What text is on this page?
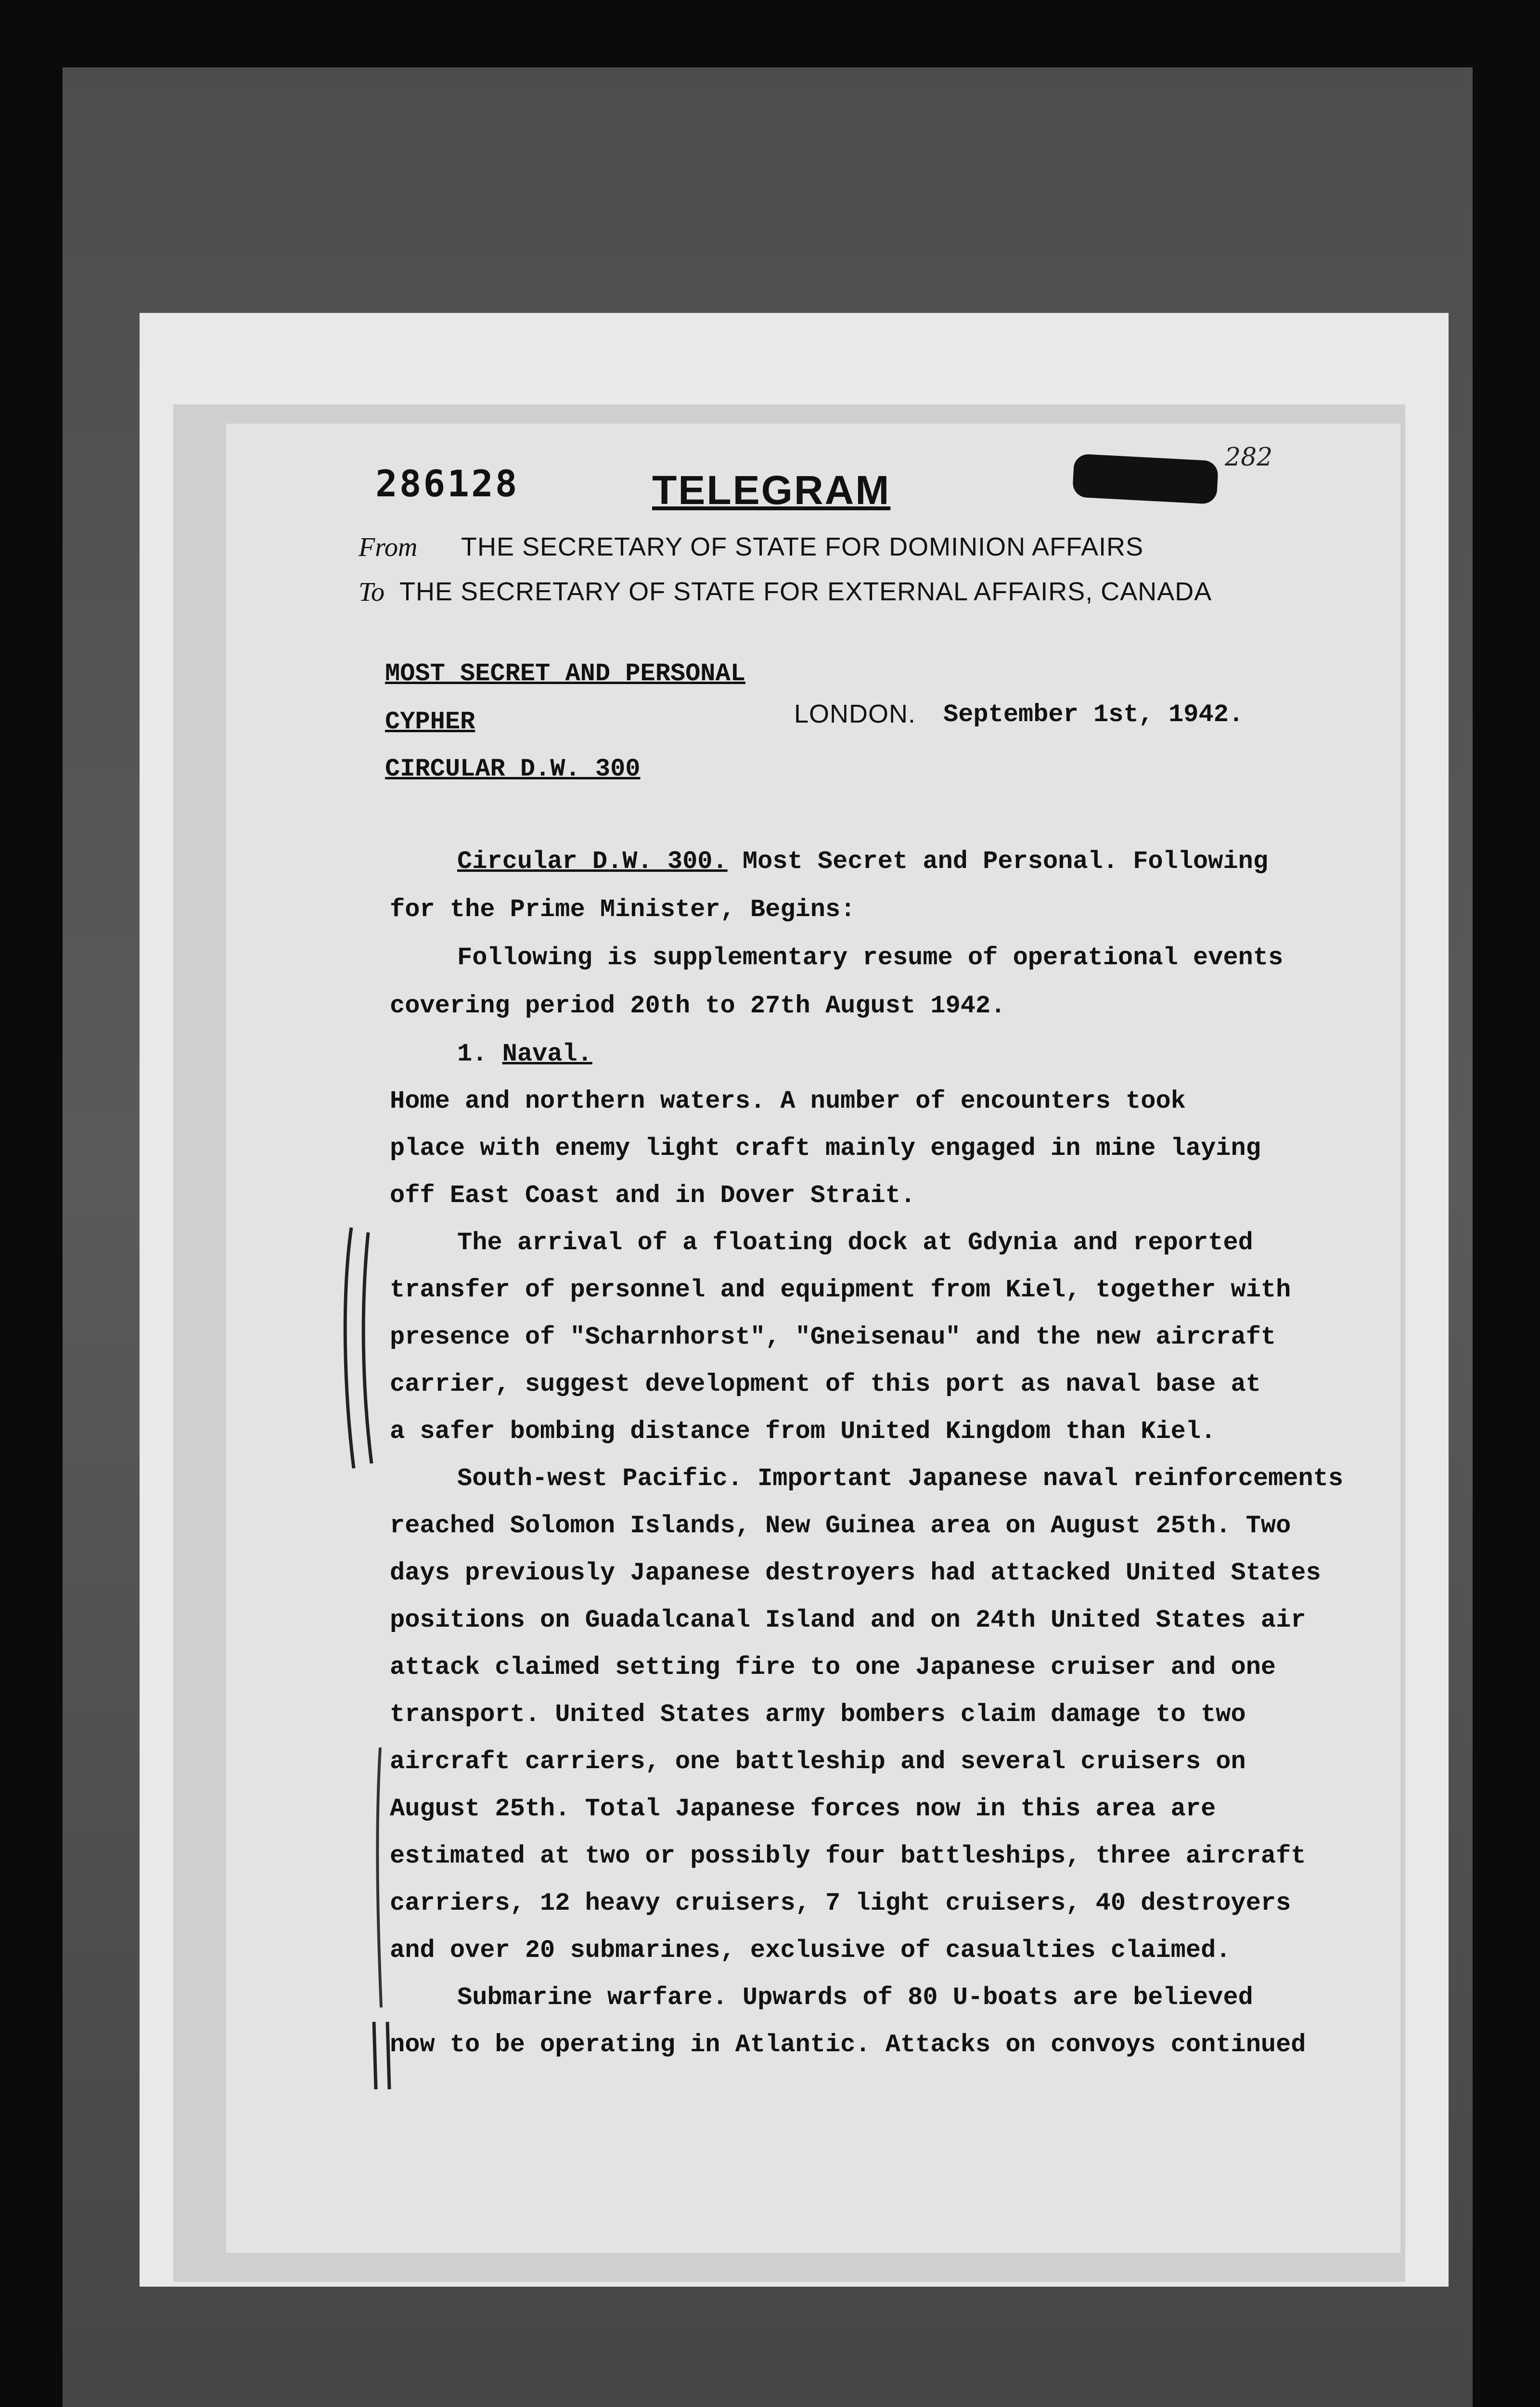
286128	TELEGRAM
282
From THE SECRETARY OF STATE FOR DOMINION AFFAIRS
To THE SECRETARY OF STATE FOR EXTERNAL AFFAIRS, CANADA
MOST SECRET AND PERSONAL
CYPHER
CIRCULAR D.W. 300
LONDON. September 1st, 1942.
Circular D.W. 300. Most Secret and Personal. Following
for the Prime Minister, Begins:
Following is supplementary resume of operational events
covering period 20th to 27th August 1942.
1. Naval.
Home and northern waters. A number of encounters took
place with enemy light craft mainly engaged in mine laying
off East Coast and in Dover Strait.
The arrival of a floating dock at Gdynia and reported
transfer of personnel and equipment from Kiel, together with
presence of "Scharnhorst", "Gneisenau" and the new aircraft
carrier, suggest development of this port as naval base at
a safer bombing distance from United Kingdom than Kiel.
South-west Pacific. Important Japanese naval reinforcements
reached Solomon Islands, New Guinea area on August 25th. Two
days previously Japanese destroyers had attacked United States
positions on Guadalcanal Island and on 24th United States air
attack claimed setting fire to one Japanese cruiser and one
transport. United States army bombers claim damage to two
aircraft carriers, one battleship and several cruisers on
August 25th. Total Japanese forces now in this area are
estimated at two or possibly four battleships, three aircraft
carriers, 12 heavy cruisers, 7 light cruisers, 40 destroyers
and over 20 submarines, exclusive of casualties claimed.
Submarine warfare. Upwards of 80 U-boats are believed
now to be operating in Atlantic. Attacks on convoys continued
